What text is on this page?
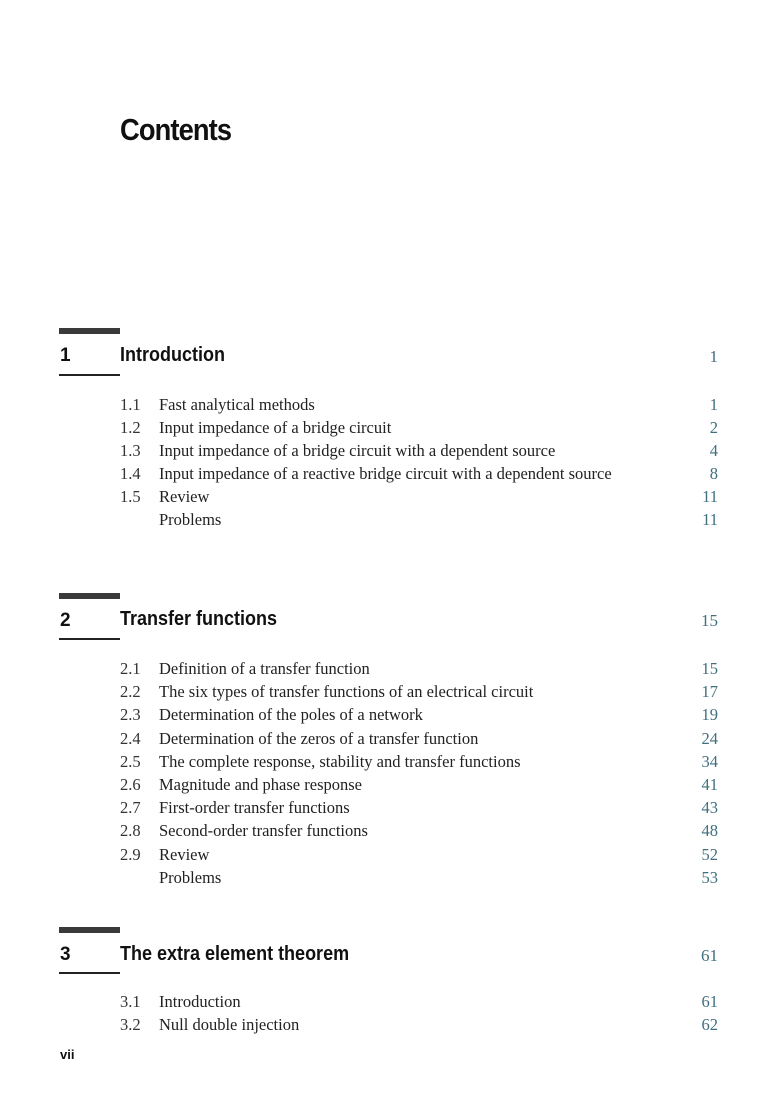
Contents
1 Introduction	1
1.1 Fast analytical methods	1
1.2 Input impedance of a bridge circuit	2
1.3 Input impedance of a bridge circuit with a dependent source	4
1.4 Input impedance of a reactive bridge circuit with a dependent source	8
1.5 Review	11
Problems	11
2 Transfer functions	15
2.1 Definition of a transfer function	15
2.2 The six types of transfer functions of an electrical circuit	17
2.3 Determination of the poles of a network	19
2.4 Determination of the zeros of a transfer function	24
2.5 The complete response, stability and transfer functions	34
2.6 Magnitude and phase response	41
2.7 First-order transfer functions	43
2.8 Second-order transfer functions	48
2.9 Review	52
Problems	53
3 The extra element theorem	61
3.1 Introduction	61
3.2 Null double injection	62
vii
